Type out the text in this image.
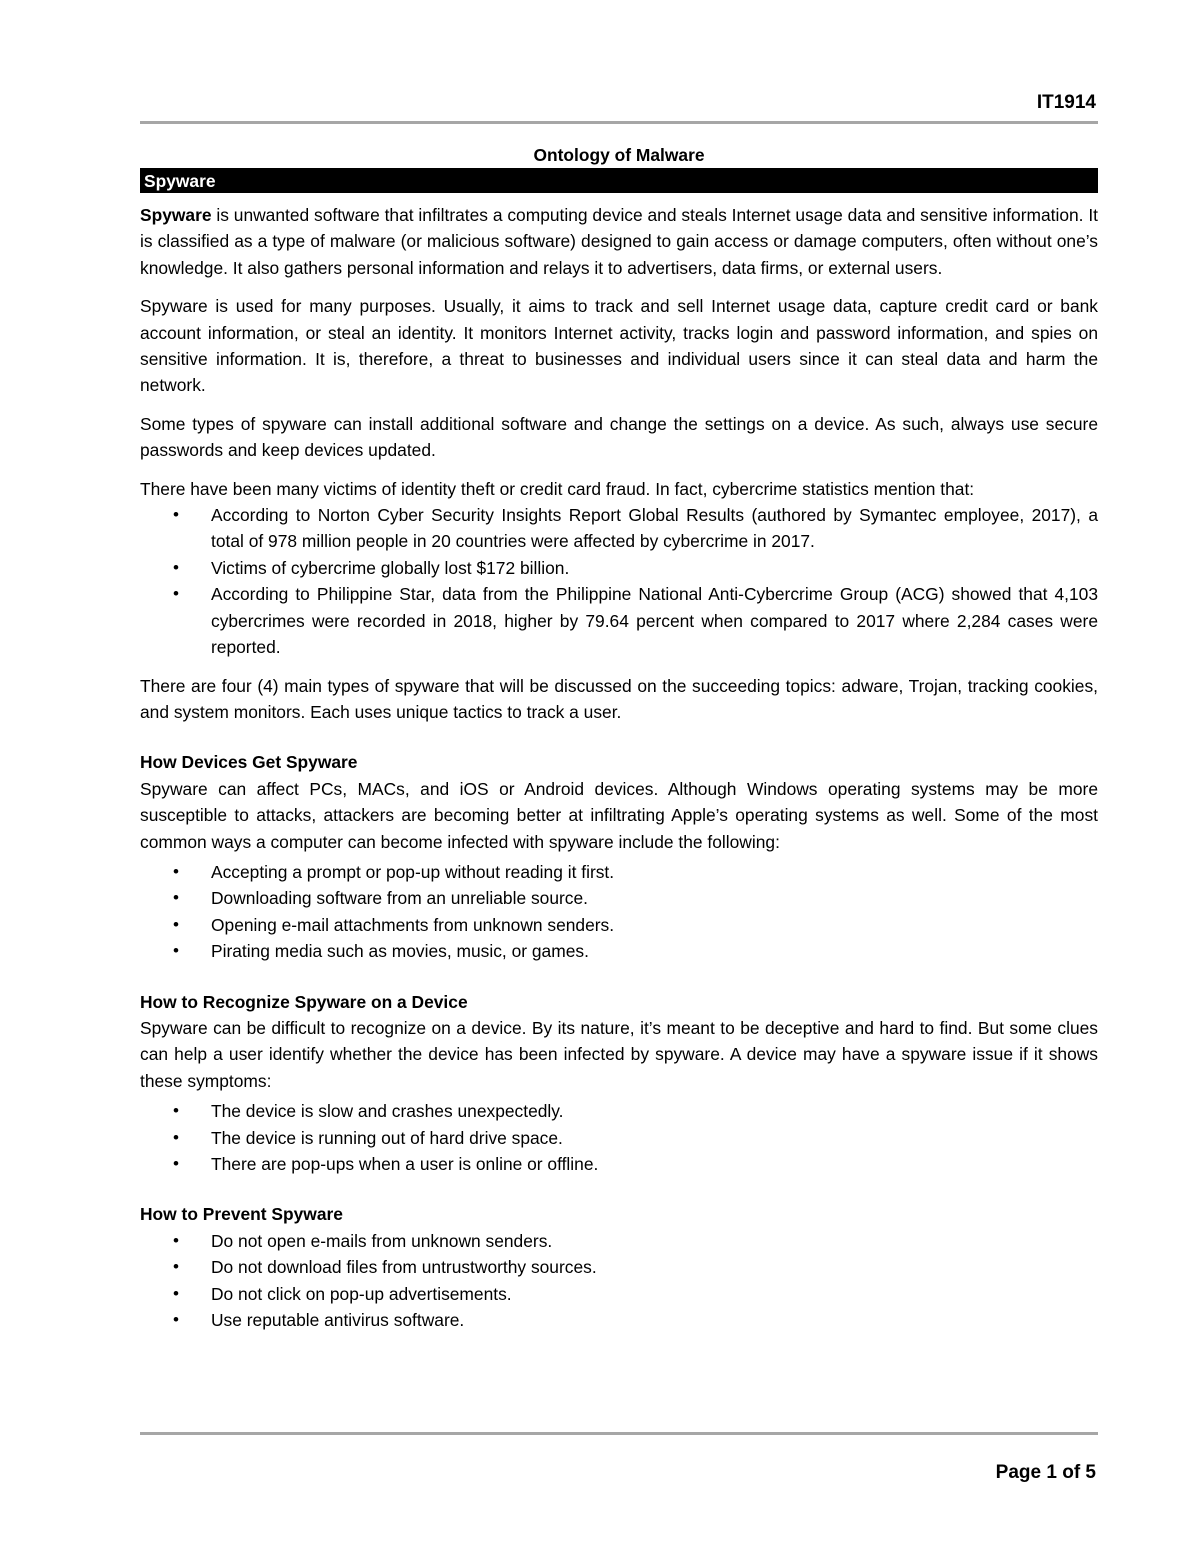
IT1914

Ontology of Malware

Spyware

Spyware is unwanted software that infiltrates a computing device and steals Internet usage data and sensitive information. It is classified as a type of malware (or malicious software) designed to gain access or damage computers, often without one’s knowledge. It also gathers personal information and relays it to advertisers, data firms, or external users.

Spyware is used for many purposes. Usually, it aims to track and sell Internet usage data, capture credit card or bank account information, or steal an identity. It monitors Internet activity, tracks login and password information, and spies on sensitive information. It is, therefore, a threat to businesses and individual users since it can steal data and harm the network.

Some types of spyware can install additional software and change the settings on a device. As such, always use secure passwords and keep devices updated.

There have been many victims of identity theft or credit card fraud. In fact, cybercrime statistics mention that:

• According to Norton Cyber Security Insights Report Global Results (authored by Symantec employee, 2017), a total of 978 million people in 20 countries were affected by cybercrime in 2017.
• Victims of cybercrime globally lost $172 billion.
• According to Philippine Star, data from the Philippine National Anti-Cybercrime Group (ACG) showed that 4,103 cybercrimes were recorded in 2018, higher by 79.64 percent when compared to 2017 where 2,284 cases were reported.

There are four (4) main types of spyware that will be discussed on the succeeding topics: adware, Trojan, tracking cookies, and system monitors. Each uses unique tactics to track a user.

How Devices Get Spyware

Spyware can affect PCs, MACs, and iOS or Android devices. Although Windows operating systems may be more susceptible to attacks, attackers are becoming better at infiltrating Apple’s operating systems as well. Some of the most common ways a computer can become infected with spyware include the following:

• Accepting a prompt or pop-up without reading it first.
• Downloading software from an unreliable source.
• Opening e-mail attachments from unknown senders.
• Pirating media such as movies, music, or games.
How to Recognize Spyware on a Device

Spyware can be difficult to recognize on a device. By its nature, it’s meant to be deceptive and hard to find. But some clues can help a user identify whether the device has been infected by spyware. A device may have a spyware issue if it shows these symptoms:

• The device is slow and crashes unexpectedly.
• The device is running out of hard drive space.
• There are pop-ups when a user is online or offline.
How to Prevent Spyware
• Do not open e-mails from unknown senders.
• Do not download files from untrustworthy sources.
• Do not click on pop-up advertisements.
• Use reputable antivirus software.
Page 1 of 5
